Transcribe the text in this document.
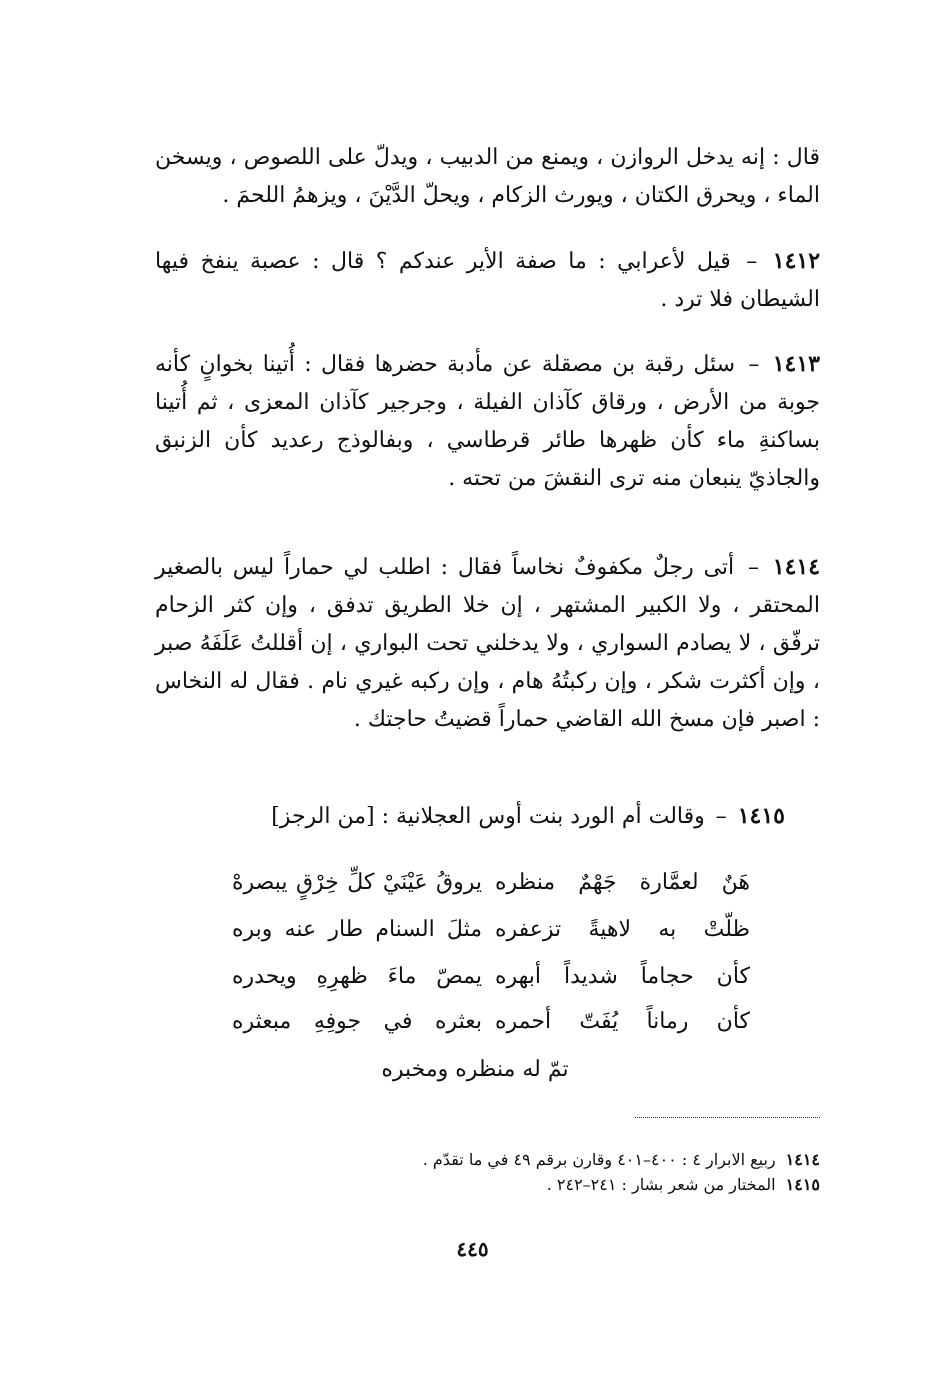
قال : إنه يدخل الروازن ، ويمنع من الدبيب ، ويدلّ على اللصوص ، ويسخن الماء ، ويحرق الكتان ، ويورث الزكام ، ويحلّ الدَّيْنَ ، ويزهمُ اللحمَ .

١٤١٢ – قيل لأعرابي : ما صفة الأير عندكم ؟ قال : عصبة ينفخ فيها الشيطان فلا ترد .

١٤١٣ – سئل رقبة بن مصقلة عن مأدبة حضرها فقال : أُتينا بخوانٍ كأنه جوبة من الأرض ، ورقاق كآذان الفيلة ، وجرجير كآذان المعزى ، ثم أُتينا بساكنةِ ماء كأن ظهرها طائر قرطاسي ، وبفالوذج رعديد كأن الزنبق والجاذيّ ينبعان منه ترى النقشَ من تحته .

١٤١٤ – أتى رجلٌ مكفوفٌ نخاساً فقال : اطلب لي حماراً ليس بالصغير المحتقر ، ولا الكبير المشتهر ، إن خلا الطريق تدفق ، وإن كثر الزحام ترفّق ، لا يصادم السواري ، ولا يدخلني تحت البواري ، إن أقللتُ عَلَفَهُ صبر ، وإن أكثرت شكر ، وإن ركبتُهُ هام ، وإن ركبه غيري نام . فقال له النخاس : اصبر فإن مسخ الله القاضي حماراً قضيتُ حاجتك .

١٤١٥ – وقالت أم الورد بنت أوس العجلانية : [من الرجز]
هَنٌ لعمَّارة جَهْمٌ منظره
يروقُ عَيْنَيْ كلِّ خِرْقٍ يبصرهْ
ظلّتْ به لاهيةً تزعفره
مثلَ السنام طار عنه وبره
كأن حجاماً شديداً أبهره
يمصّ ماءَ ظهرِهِ ويحدره
كأن رماناً يُفَتّ أحمره
بعثره في جوفِهِ مبعثره
تمّ له منظره ومخبره
١٤١٤ربيع الابرار ٤ : ٤٠٠–٤٠١ وقارن برقم ٤٩ في ما تقدّم .
١٤١٥المختار من شعر بشار : ٢٤١–٢٤٢ .
٤٤٥
